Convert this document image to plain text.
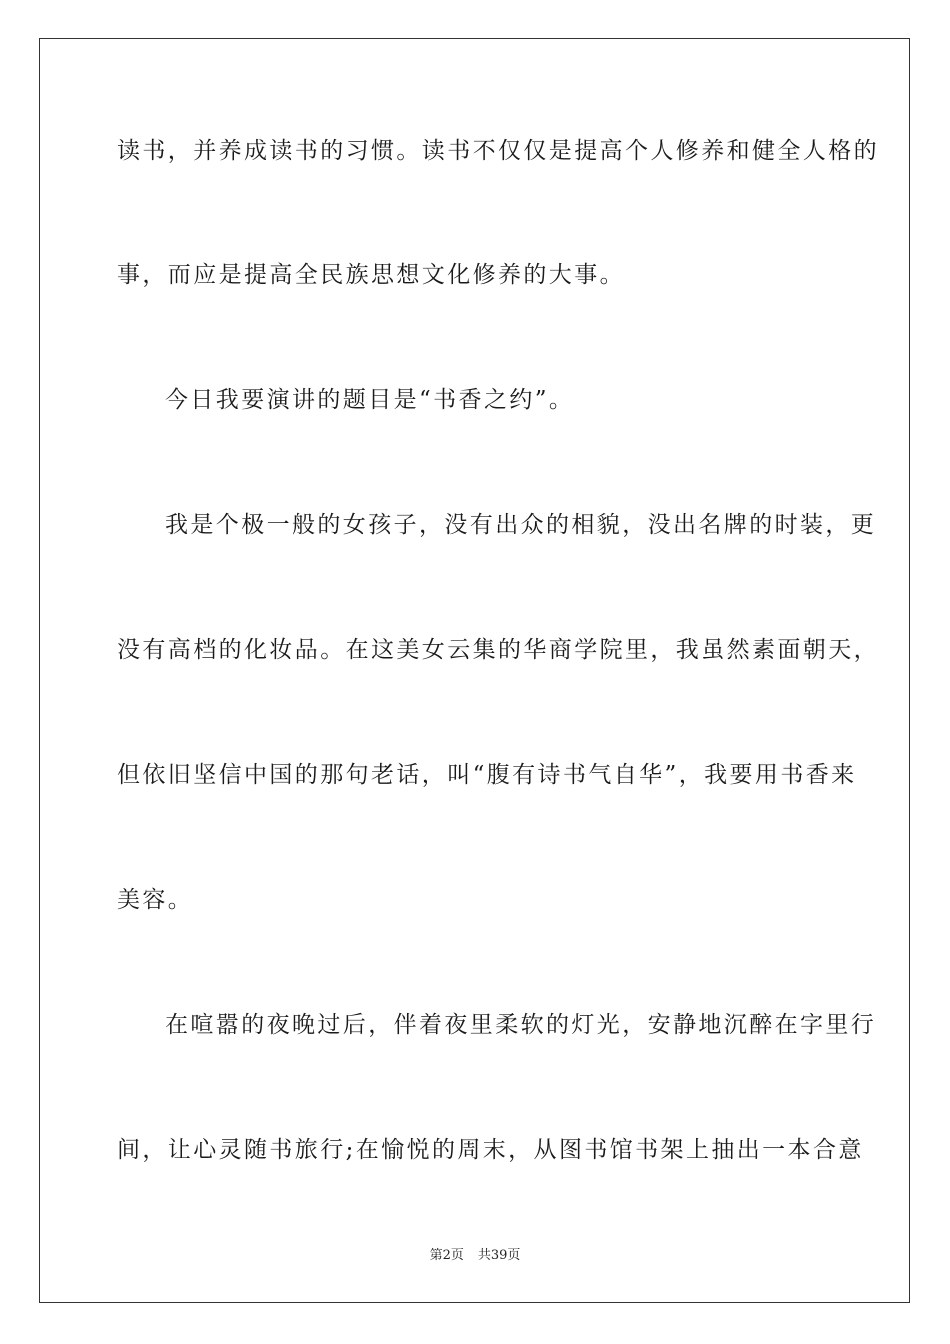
读书，并养成读书的习惯。读书不仅仅是提高个人修养和健全人格的
事，而应是提高全民族思想文化修养的大事。
今日我要演讲的题目是“书香之约”。
我是个极一般的女孩子，没有出众的相貌，没出名牌的时装，更
没有高档的化妆品。在这美女云集的华商学院里，我虽然素面朝天，
但依旧坚信中国的那句老话，叫“腹有诗书气自华”，我要用书香来
美容。
在喧嚣的夜晚过后，伴着夜里柔软的灯光，安静地沉醉在字里行
间，让心灵随书旅行;在愉悦的周末，从图书馆书架上抽出一本合意
第2页 共39页
